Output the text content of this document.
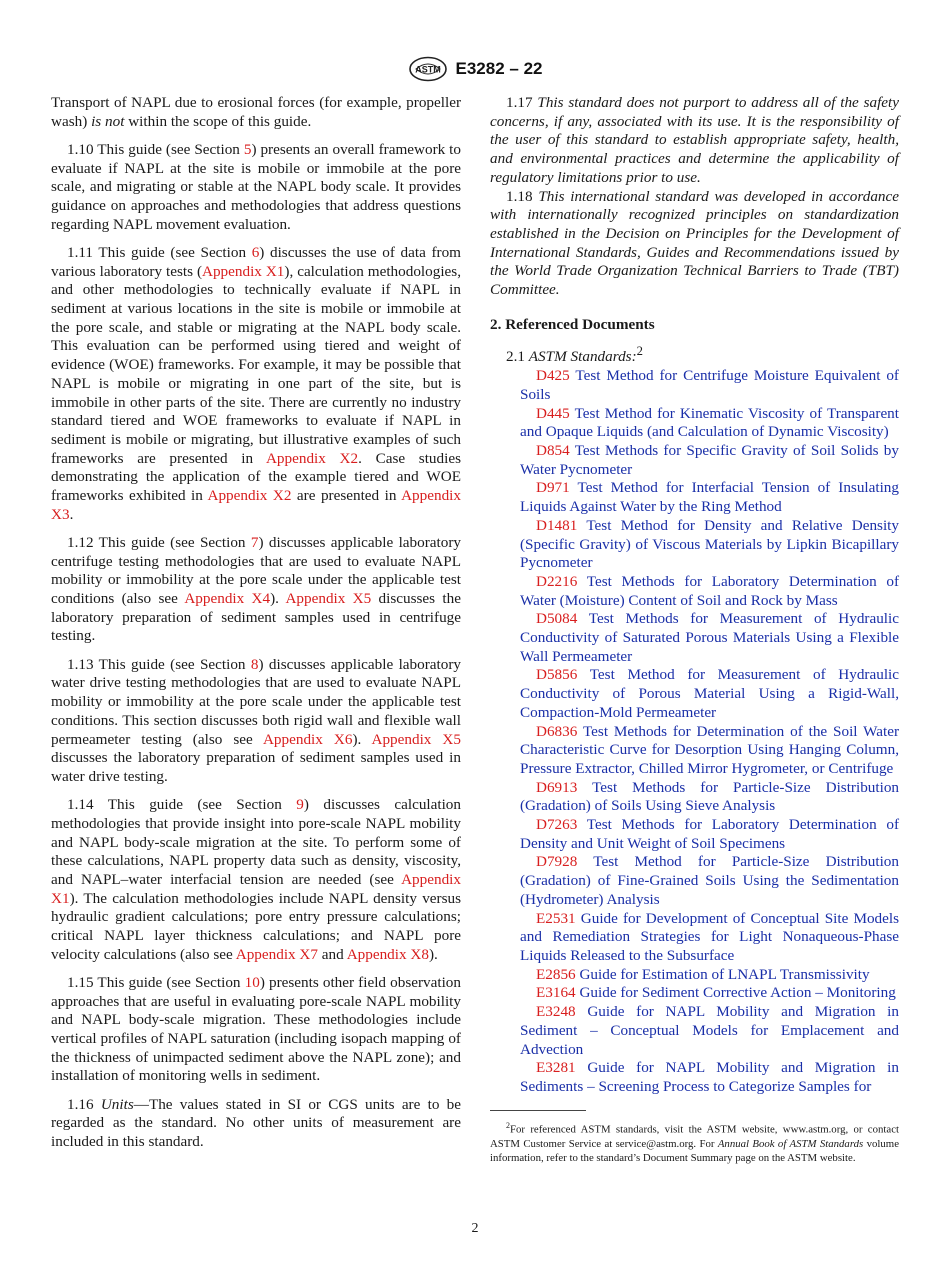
ASTM E3282 – 22

Transport of NAPL due to erosional forces (for example, propeller wash) is not within the scope of this guide.

1.10 This guide (see Section 5) presents an overall framework to evaluate if NAPL at the site is mobile or immobile at the pore scale, and migrating or stable at the NAPL body scale. It provides guidance on approaches and methodologies that address questions regarding NAPL movement evaluation.

1.11 This guide (see Section 6) discusses the use of data from various laboratory tests (Appendix X1), calculation methodologies, and other methodologies to technically evaluate if NAPL in sediment at various locations in the site is mobile or immobile at the pore scale, and stable or migrating at the NAPL body scale. This evaluation can be performed using tiered and weight of evidence (WOE) frameworks. For example, it may be possible that NAPL is mobile or migrating in one part of the site, but is immobile in other parts of the site. There are currently no industry standard tiered and WOE frameworks to evaluate if NAPL in sediment is mobile or migrating, but illustrative examples of such frameworks are presented in Appendix X2. Case studies demonstrating the application of the example tiered and WOE frameworks exhibited in Appendix X2 are presented in Appendix X3.

1.12 This guide (see Section 7) discusses applicable laboratory centrifuge testing methodologies that are used to evaluate NAPL mobility or immobility at the pore scale under the applicable test conditions (also see Appendix X4). Appendix X5 discusses the laboratory preparation of sediment samples used in centrifuge testing.

1.13 This guide (see Section 8) discusses applicable laboratory water drive testing methodologies that are used to evaluate NAPL mobility or immobility at the pore scale under the applicable test conditions. This section discusses both rigid wall and flexible wall permeameter testing (also see Appendix X6). Appendix X5 discusses the laboratory preparation of sediment samples used in water drive testing.

1.14 This guide (see Section 9) discusses calculation methodologies that provide insight into pore-scale NAPL mobility and NAPL body-scale migration at the site. To perform some of these calculations, NAPL property data such as density, viscosity, and NAPL–water interfacial tension are needed (see Appendix X1). The calculation methodologies include NAPL density versus hydraulic gradient calculations; pore entry pressure calculations; critical NAPL layer thickness calculations; and NAPL pore velocity calculations (also see Appendix X7 and Appendix X8).

1.15 This guide (see Section 10) presents other field observation approaches that are useful in evaluating pore-scale NAPL mobility and NAPL body-scale migration. These methodologies include vertical profiles of NAPL saturation (including isopach mapping of the thickness of unimpacted sediment above the NAPL zone); and installation of monitoring wells in sediment.

1.16 Units—The values stated in SI or CGS units are to be regarded as the standard. No other units of measurement are included in this standard.

1.17 This standard does not purport to address all of the safety concerns, if any, associated with its use. It is the responsibility of the user of this standard to establish appropriate safety, health, and environmental practices and determine the applicability of regulatory limitations prior to use.

1.18 This international standard was developed in accordance with internationally recognized principles on standardization established in the Decision on Principles for the Development of International Standards, Guides and Recommendations issued by the World Trade Organization Technical Barriers to Trade (TBT) Committee.

2. Referenced Documents

2.1 ASTM Standards:$^2$

D425 Test Method for Centrifuge Moisture Equivalent of Soils

D445 Test Method for Kinematic Viscosity of Transparent and Opaque Liquids (and Calculation of Dynamic Viscosity)

D854 Test Methods for Specific Gravity of Soil Solids by Water Pycnometer

D971 Test Method for Interfacial Tension of Insulating Liquids Against Water by the Ring Method

D1481 Test Method for Density and Relative Density (Specific Gravity) of Viscous Materials by Lipkin Bicapillary Pycnometer

D2216 Test Methods for Laboratory Determination of Water (Moisture) Content of Soil and Rock by Mass

D5084 Test Methods for Measurement of Hydraulic Conductivity of Saturated Porous Materials Using a Flexible Wall Permeameter

D5856 Test Method for Measurement of Hydraulic Conductivity of Porous Material Using a Rigid-Wall, Compaction-Mold Permeameter

D6836 Test Methods for Determination of the Soil Water Characteristic Curve for Desorption Using Hanging Column, Pressure Extractor, Chilled Mirror Hygrometer, or Centrifuge

D6913 Test Methods for Particle-Size Distribution (Gradation) of Soils Using Sieve Analysis

D7263 Test Methods for Laboratory Determination of Density and Unit Weight of Soil Specimens

D7928 Test Method for Particle-Size Distribution (Gradation) of Fine-Grained Soils Using the Sedimentation (Hydrometer) Analysis

E2531 Guide for Development of Conceptual Site Models and Remediation Strategies for Light Nonaqueous-Phase Liquids Released to the Subsurface

E2856 Guide for Estimation of LNAPL Transmissivity

E3164 Guide for Sediment Corrective Action – Monitoring

E3248 Guide for NAPL Mobility and Migration in Sediment – Conceptual Models for Emplacement and Advection

E3281 Guide for NAPL Mobility and Migration in Sediments – Screening Process to Categorize Samples for

$^2$For referenced ASTM standards, visit the ASTM website, www.astm.org, or contact ASTM Customer Service at service@astm.org. For Annual Book of ASTM Standards volume information, refer to the standard’s Document Summary page on the ASTM website.
2
